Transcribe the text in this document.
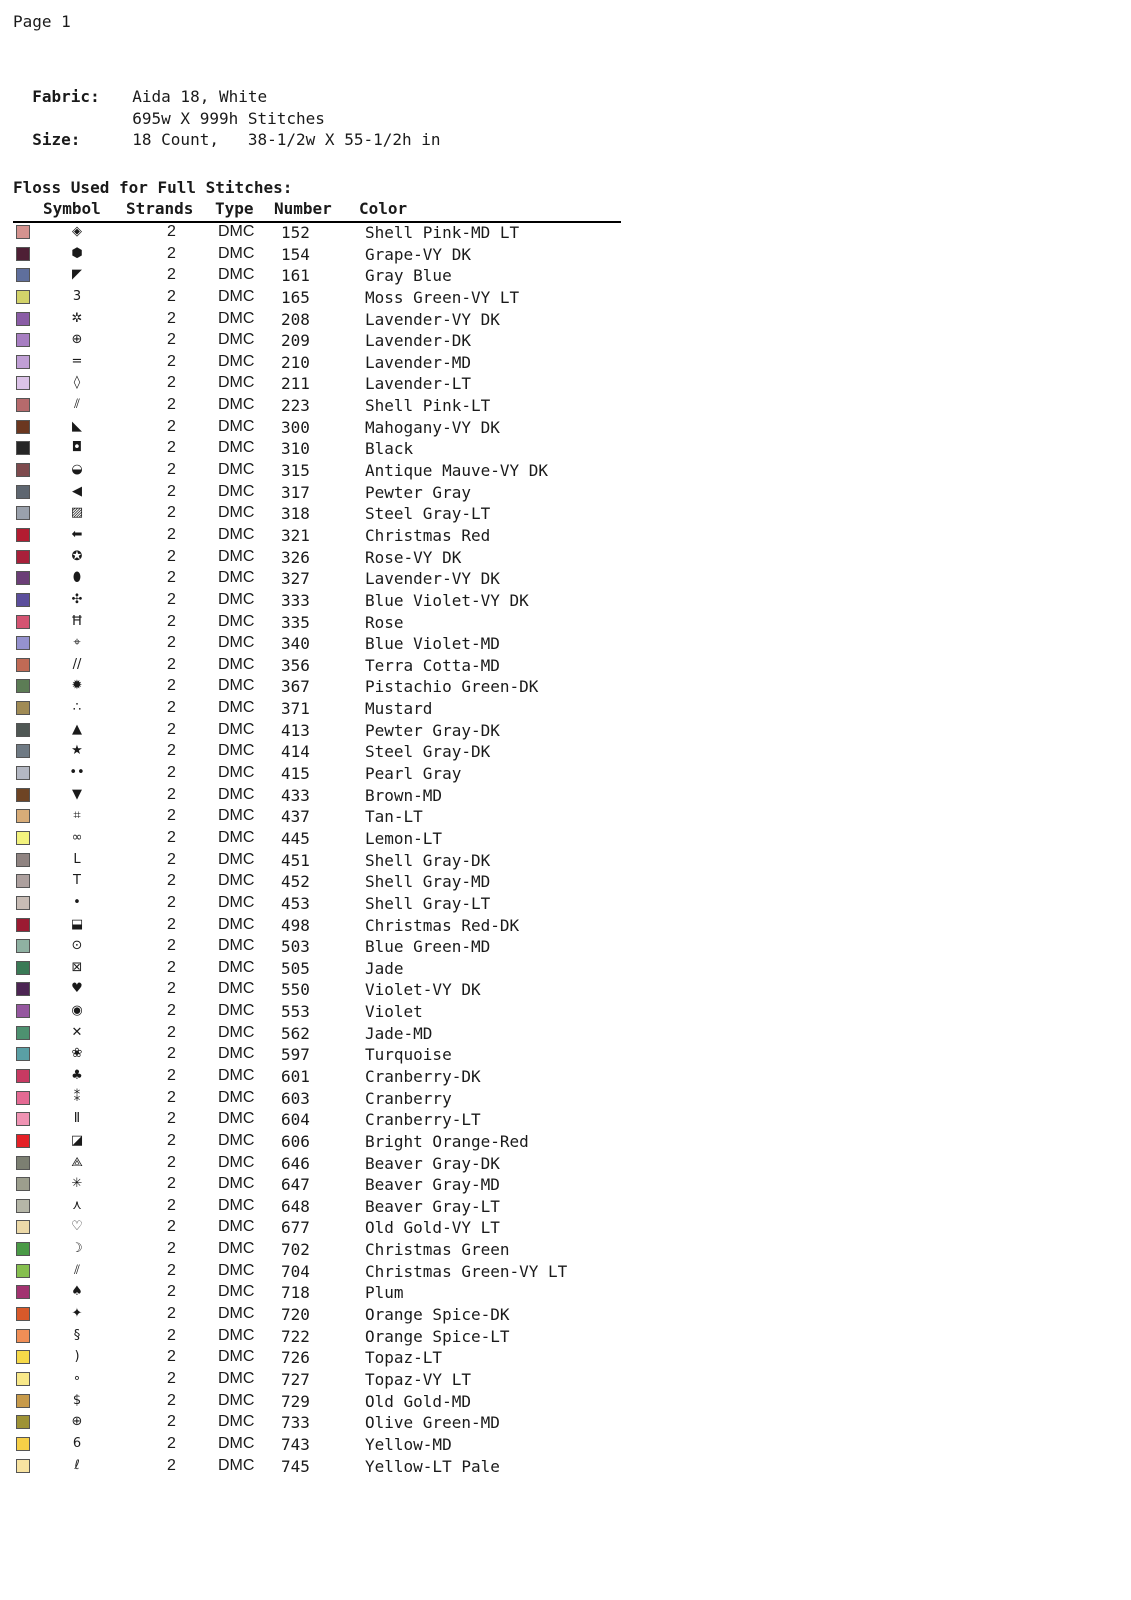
Page 1

Fabric: Aida 18, White

695w X 999h Stitches

Size:	18 Count,   38-1/2w X 55-1/2h in

Floss Used for Full Stitches:
Symbol Strands Type Number Color
◈	2	DMC 152	Shell Pink-MD LT
⬢	2	DMC 154	Grape-VY DK
◤	2	DMC 161	Gray Blue
3	2	DMC 165	Moss Green-VY LT
✲	2	DMC 208	Lavender-VY DK
⊕	2	DMC 209	Lavender-DK
=	2	DMC 210	Lavender-MD
◊	2	DMC 211	Lavender-LT
⫽	2	DMC 223	Shell Pink-LT
◣	2	DMC 300	Mahogany-VY DK
◘	2	DMC 310	Black
◒	2	DMC 315	Antique Mauve-VY DK
◀	2	DMC 317	Pewter Gray
▨	2	DMC 318	Steel Gray-LT
⬅	2	DMC 321	Christmas Red
✪	2	DMC 326	Rose-VY DK
⬮	2	DMC 327	Lavender-VY DK
✣	2	DMC 333	Blue Violet-VY DK
Ħ	2	DMC 335	Rose
⌖	2	DMC 340	Blue Violet-MD
//	2	DMC 356	Terra Cotta-MD
✹	2	DMC 367	Pistachio Green-DK
∴	2	DMC 371	Mustard
▲	2	DMC 413	Pewter Gray-DK
★	2	DMC 414	Steel Gray-DK
••	2	DMC 415	Pearl Gray
▼	2	DMC 433	Brown-MD
⌗	2	DMC 437	Tan-LT
∞	2	DMC 445	Lemon-LT
L	2	DMC 451	Shell Gray-DK
T	2	DMC 452	Shell Gray-MD
•	2	DMC 453	Shell Gray-LT
⬓	2	DMC 498	Christmas Red-DK
⊙	2	DMC 503	Blue Green-MD
⊠	2	DMC 505	Jade
♥	2	DMC 550	Violet-VY DK
◉	2	DMC 553	Violet
✕	2	DMC 562	Jade-MD
❀	2	DMC 597	Turquoise
♣	2	DMC 601	Cranberry-DK
⁑	2	DMC 603	Cranberry
Ⅱ	2	DMC 604	Cranberry-LT
◪	2	DMC 606	Bright Orange-Red
⟁	2	DMC 646	Beaver Gray-DK
✳	2	DMC 647	Beaver Gray-MD
⋏	2	DMC 648	Beaver Gray-LT
♡	2	DMC 677	Old Gold-VY LT
☽	2	DMC 702	Christmas Green
⫽	2	DMC 704	Christmas Green-VY LT
♠	2	DMC 718	Plum
✦	2	DMC 720	Orange Spice-DK
§	2	DMC 722	Orange Spice-LT
)	2	DMC 726	Topaz-LT
∘	2	DMC 727	Topaz-VY LT
$	2	DMC 729	Old Gold-MD
⊕	2	DMC 733	Olive Green-MD
6	2	DMC 743	Yellow-MD
ℓ	2	DMC 745	Yellow-LT Pale
